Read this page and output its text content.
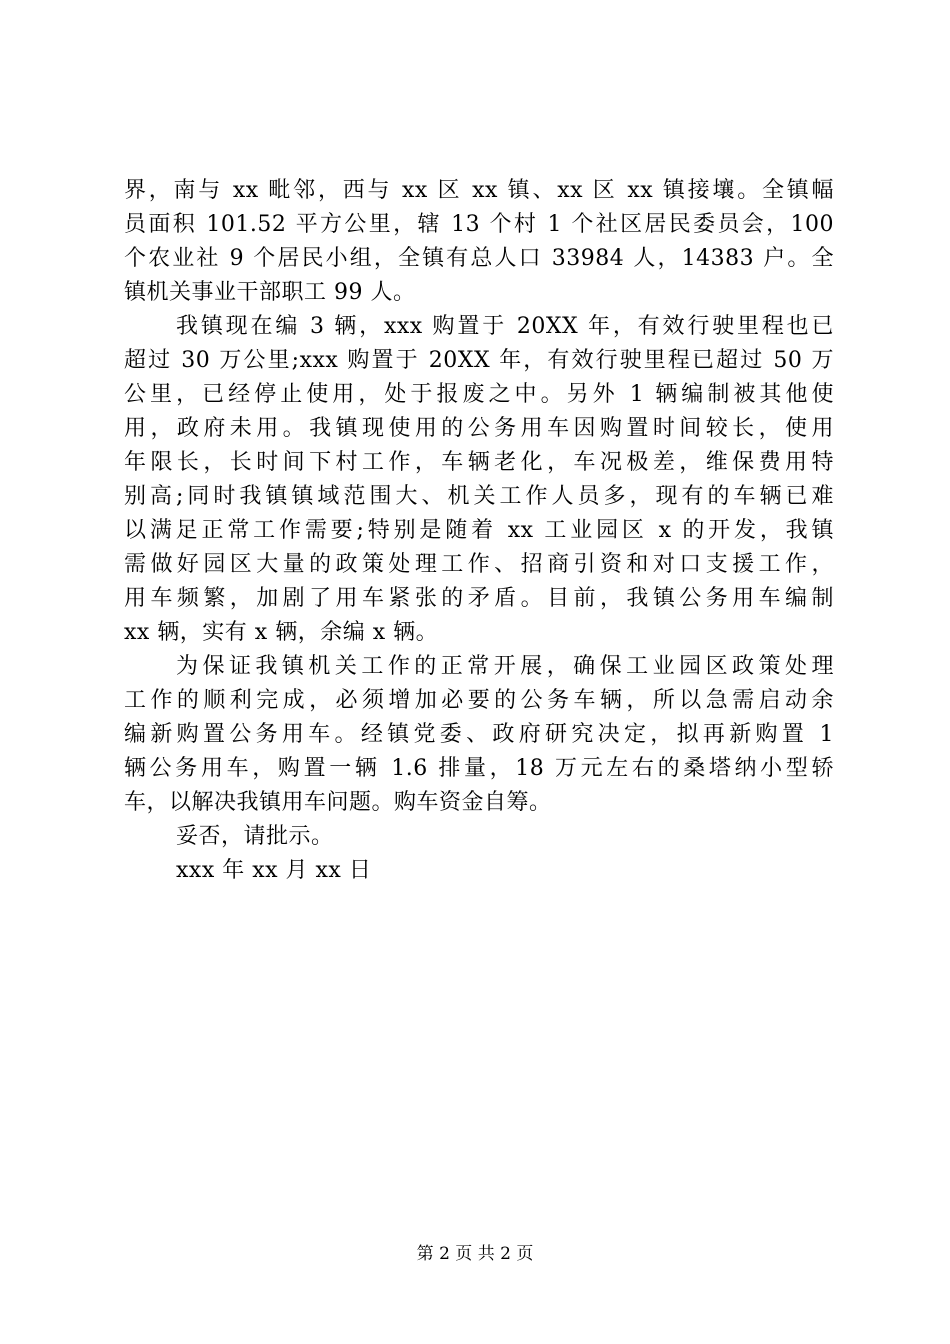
界，南与 xx 毗邻，西与 xx 区 xx 镇、xx 区 xx 镇接壤。全镇幅
员面积 101.52 平方公里，辖 13 个村 1 个社区居民委员会，100
个农业社 9 个居民小组，全镇有总人口 33984 人，14383 户。全
镇机关事业干部职工 99 人。
我镇现在编 3 辆，xxx 购置于 20XX 年，有效行驶里程也已
超过 30 万公里;xxx 购置于 20XX 年，有效行驶里程已超过 50 万
公里，已经停止使用，处于报废之中。另外 1 辆编制被其他使
用，政府未用。我镇现使用的公务用车因购置时间较长，使用
年限长，长时间下村工作，车辆老化，车况极差，维保费用特
别高;同时我镇镇域范围大、机关工作人员多，现有的车辆已难
以满足正常工作需要;特别是随着 xx 工业园区 x 的开发，我镇
需做好园区大量的政策处理工作、招商引资和对口支援工作，
用车频繁，加剧了用车紧张的矛盾。目前，我镇公务用车编制
xx 辆，实有 x 辆，余编 x 辆。
为保证我镇机关工作的正常开展，确保工业园区政策处理
工作的顺利完成，必须增加必要的公务车辆，所以急需启动余
编新购置公务用车。经镇党委、政府研究决定，拟再新购置 1
辆公务用车，购置一辆 1.6 排量，18 万元左右的桑塔纳小型轿
车，以解决我镇用车问题。购车资金自筹。
妥否，请批示。
xxx 年 xx 月 xx 日
第 2 页 共 2 页
